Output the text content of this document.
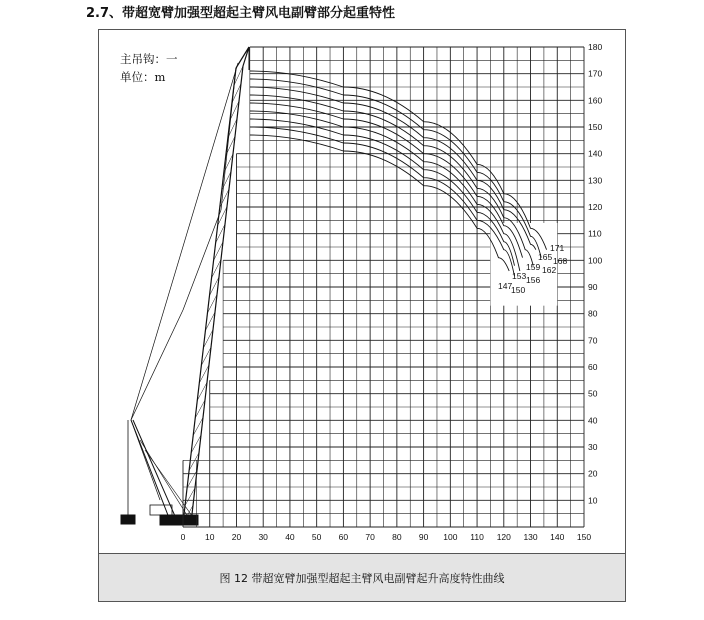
2.7、带超宽臂加强型超起主臂风电副臂部分起重特性
主吊钩：一
单位：m
0 10 20 30 40 50 60 70 80 90 100 110 120 130 140 150
10
20
30
40
50
60
70
80
90
100
110
120
130
140
150
160
170
180
171
168
165
162
159
156
153
150
147
图 12 带超宽臂加强型超起主臂风电副臂起升高度特性曲线
